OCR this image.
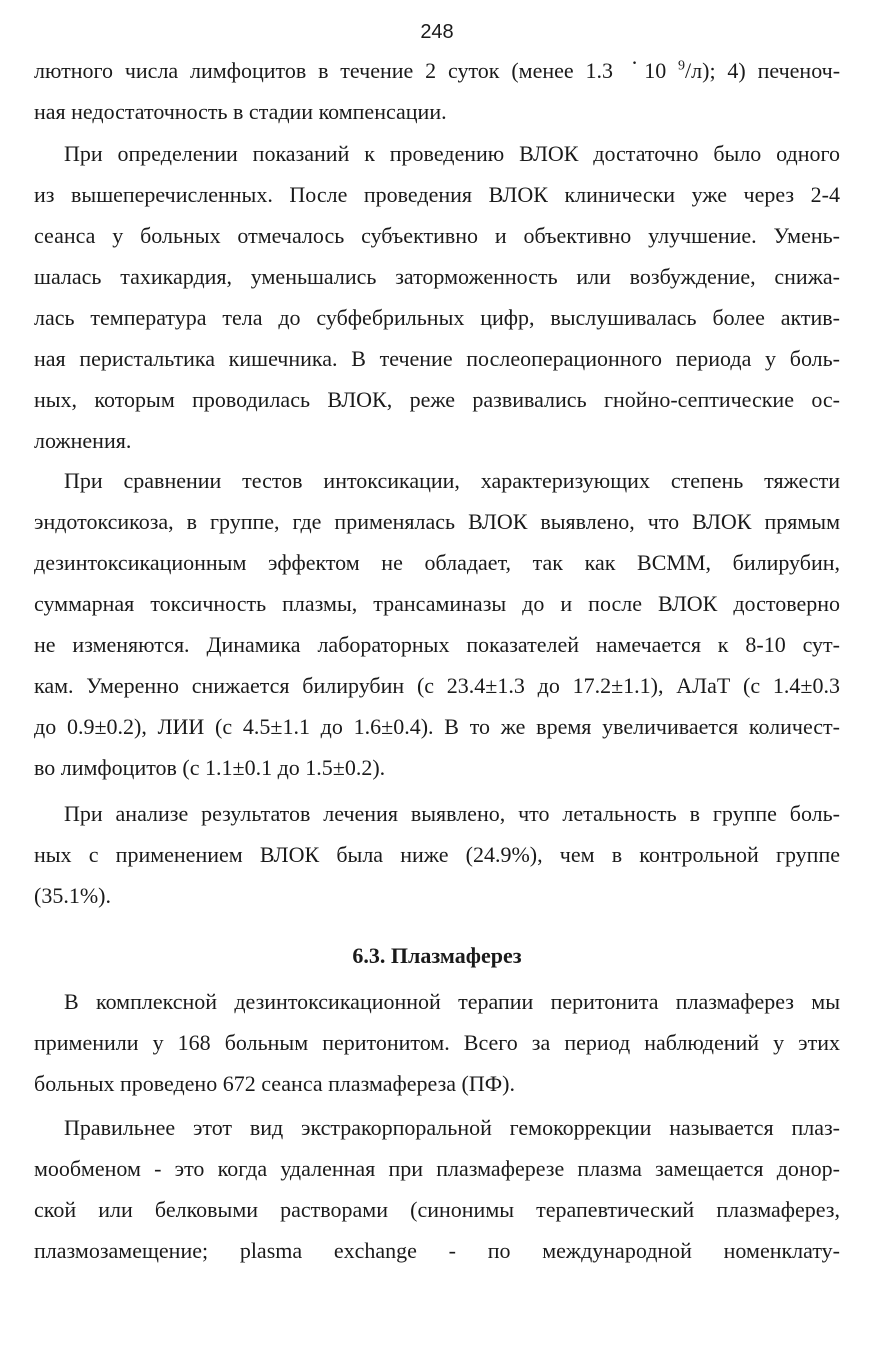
248
лютного числа лимфоцитов в течение 2 суток (менее 1.3 · 10 $^9$/л); 4) печеноч-
ная недостаточность в стадии компенсации.
При определении показаний к проведению ВЛОК достаточно было одного
из вышеперечисленных. После проведения ВЛОК клинически уже через 2-4
сеанса у больных отмечалось субъективно и объективно улучшение. Умень-
шалась тахикардия, уменьшались заторможенность или возбуждение, снижа-
лась температура тела до субфебрильных цифр, выслушивалась более актив-
ная перистальтика кишечника. В течение послеоперационного периода у боль-
ных, которым проводилась ВЛОК, реже развивались гнойно-септические ос-
ложнения.
При сравнении тестов интоксикации, характеризующих степень тяжести
эндотоксикоза, в группе, где применялась ВЛОК выявлено, что ВЛОК прямым
дезинтоксикационным эффектом не обладает, так как ВСММ, билирубин,
суммарная токсичность плазмы, трансаминазы до и после ВЛОК достоверно
не изменяются. Динамика лабораторных показателей намечается к 8-10 сут-
кам. Умеренно снижается билирубин (с 23.4±1.3 до 17.2±1.1), АЛаТ (с 1.4±0.3
до 0.9±0.2), ЛИИ (с 4.5±1.1 до 1.6±0.4). В то же время увеличивается количест-
во лимфоцитов (с 1.1±0.1 до 1.5±0.2).
При анализе результатов лечения выявлено, что летальность в группе боль-
ных с применением ВЛОК была ниже (24.9%), чем в контрольной группе
(35.1%).
6.3. Плазмаферез
В комплексной дезинтоксикационной терапии перитонита плазмаферез мы
применили у 168 больным перитонитом. Всего за период наблюдений у этих
больных проведено 672 сеанса плазмафереза (ПФ).
Правильнее этот вид экстракорпоральной гемокоррекции называется плаз-
мообменом - это когда удаленная при плазмаферезе плазма замещается донор-
ской или белковыми растворами (синонимы терапевтический плазмаферез,
плазмозамещение; plasma exchange - по международной номенклату-
